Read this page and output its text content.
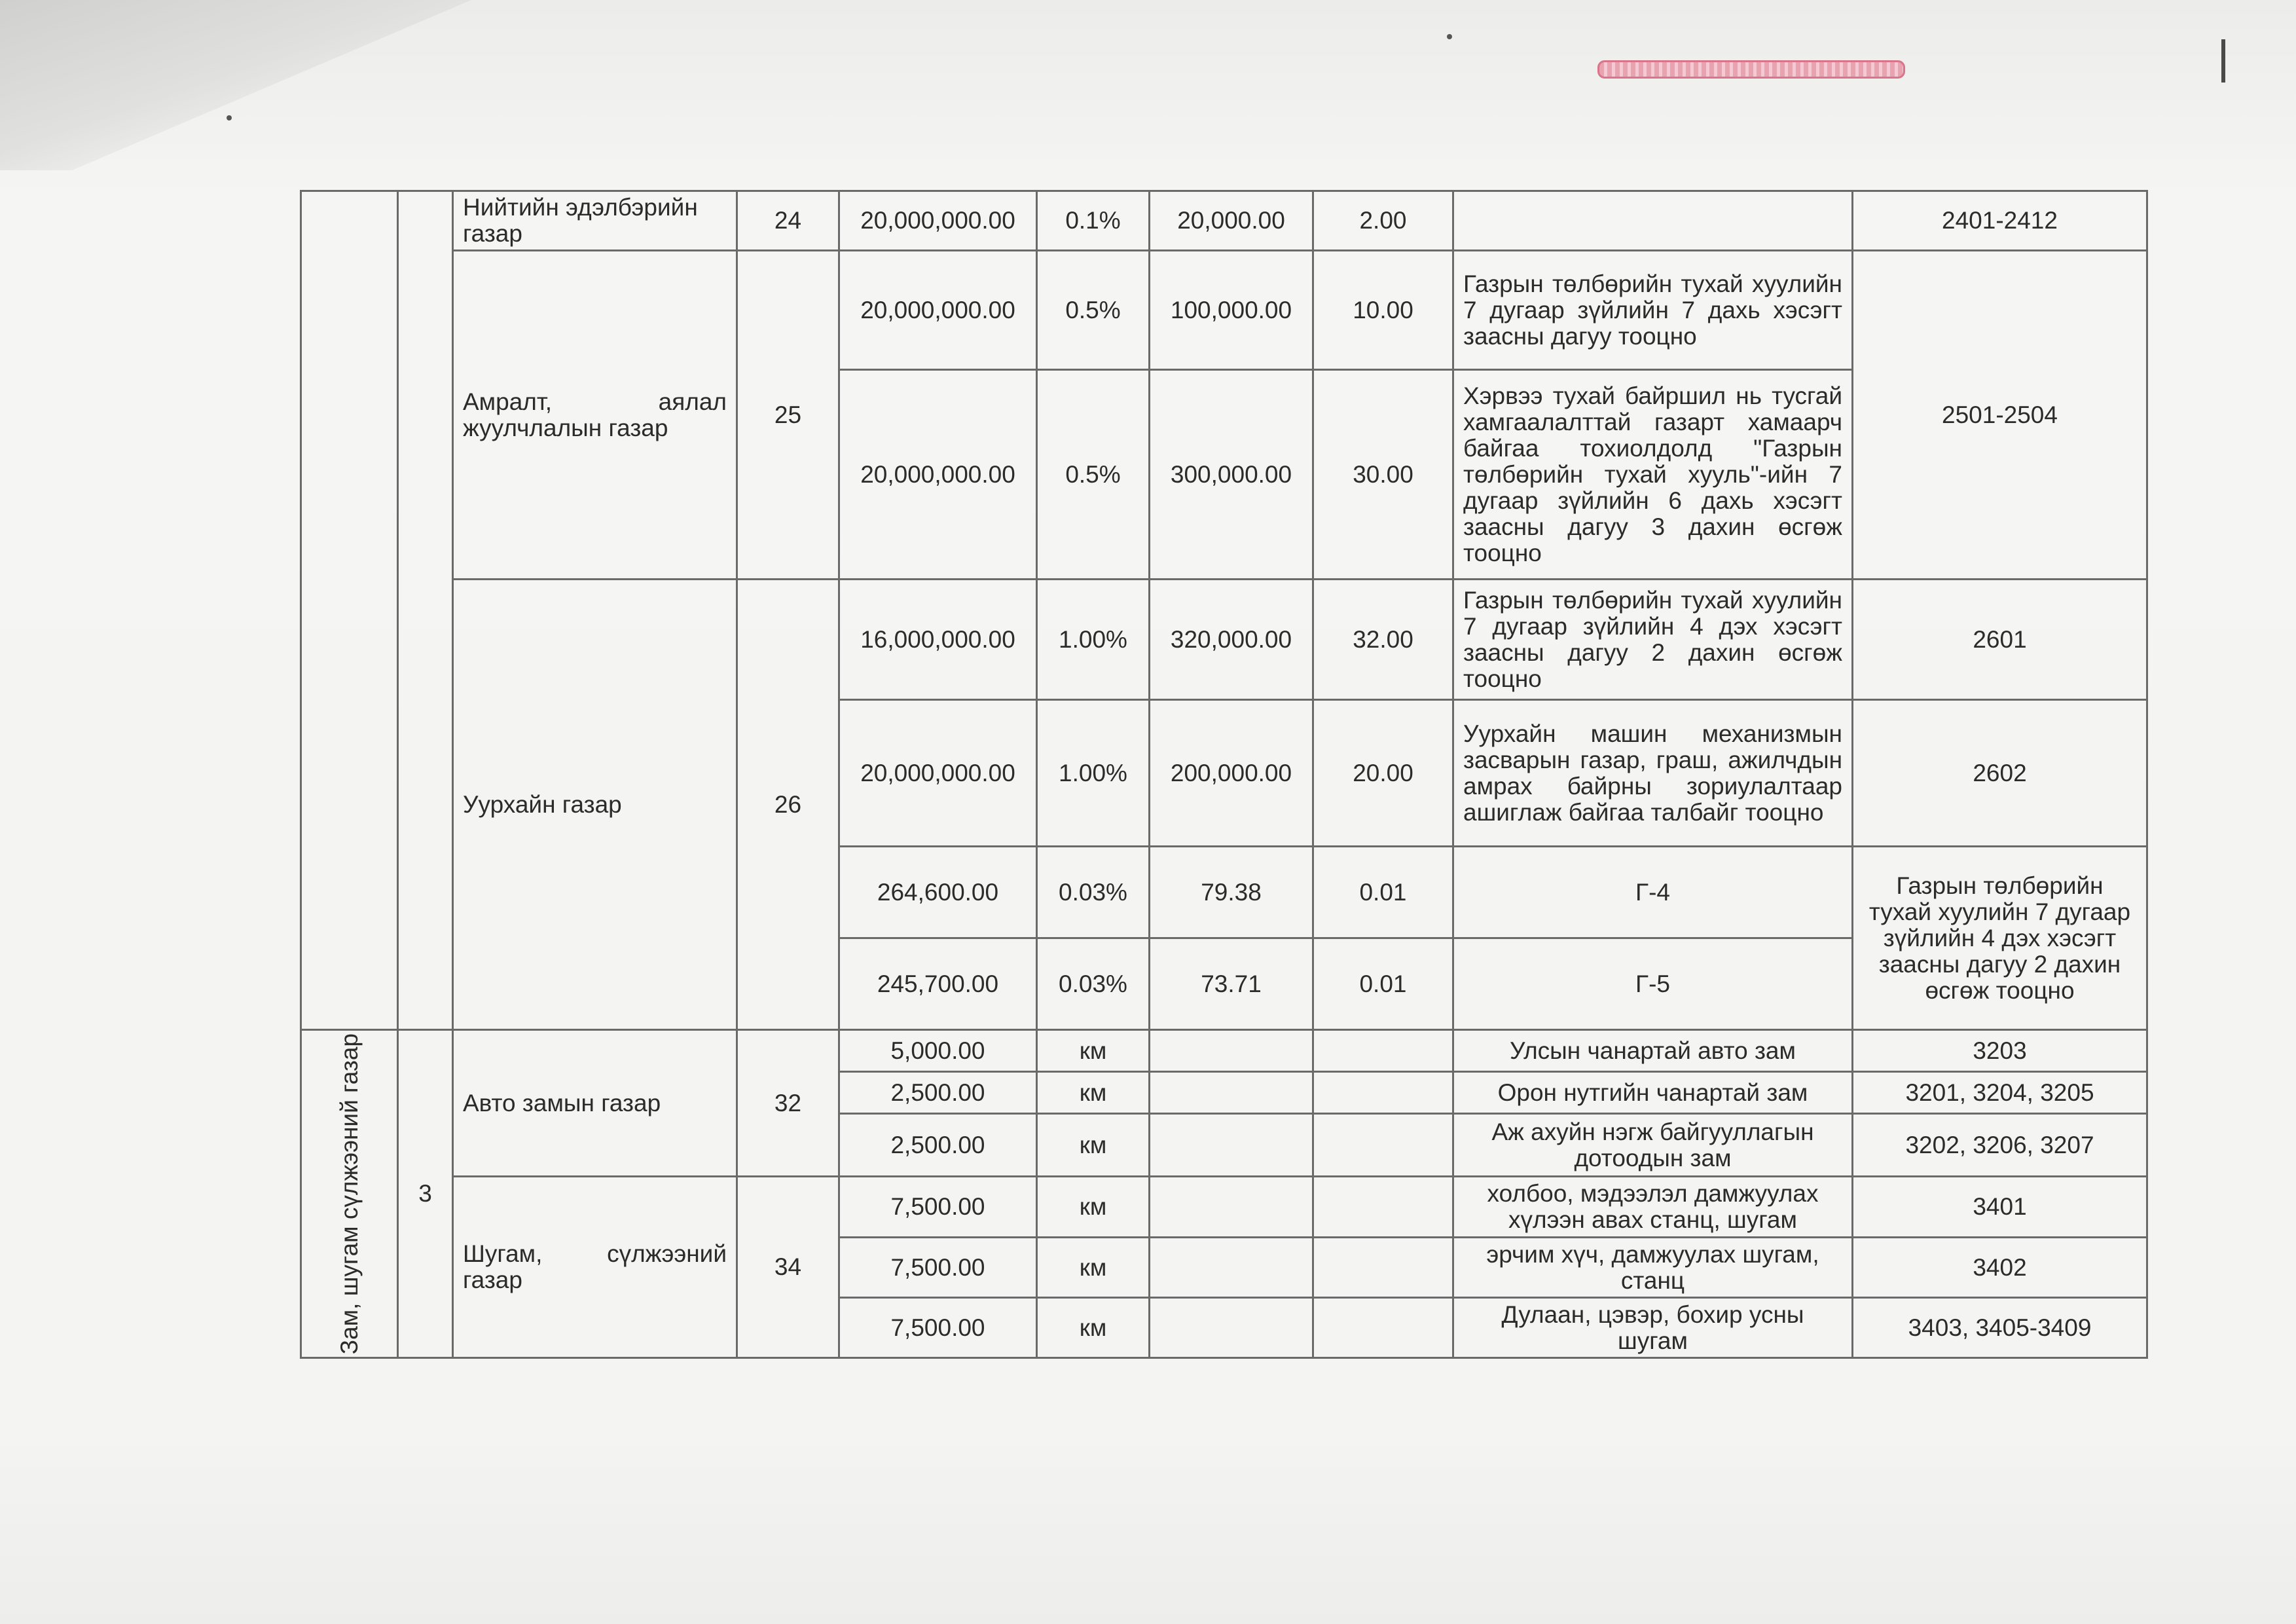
		Нийтийн эдэлбэрийн газар	24	20,000,000.00	0.1%	20,000.00	2.00		2401-2412
		Амралт, аялал жуулчлалын газар	25	20,000,000.00	0.5%	100,000.00	10.00	Газрын төлбөрийн тухай хуулийн 7 дугаар зүйлийн 7 дахь хэсэгт заасны дагуу тооцно	2501-2504
				20,000,000.00	0.5%	300,000.00	30.00	Хэрвээ тухай байршил нь тусгай хамгаалалттай газарт хамаарч байгаа тохиолдолд "Газрын төлбөрийн тухай хууль"-ийн 7 дугаар зүйлийн 6 дахь хэсэгт заасны дагуу 3 дахин өсгөж тооцно	
		Уурхайн газар	26	16,000,000.00	1.00%	320,000.00	32.00	Газрын төлбөрийн тухай хуулийн 7 дугаар зүйлийн 4 дэх хэсэгт заасны дагуу 2 дахин өсгөж тооцно	2601
				20,000,000.00	1.00%	200,000.00	20.00	Уурхайн машин механизмын засварын газар, граш, ажилчдын амрах байрны зориулалтаар ашиглаж байгаа талбайг тооцно	2602
				264,600.00	0.03%	79.38	0.01	Г-4	Газрын төлбөрийн тухай хуулийн 7 дугаар зүйлийн 4 дэх хэсэгт заасны дагуу 2 дахин өсгөж тооцно
				245,700.00	0.03%	73.71	0.01	Г-5	

Зам, шугам сүлжээний газар	3	Авто замын газар	32	5,000.00	км			Улсын чанартай авто зам	3203
				2,500.00	км			Орон нутгийн чанартай зам	3201, 3204, 3205
				2,500.00	км			Аж ахуйн нэгж байгууллагын дотоодын зам	3202, 3206, 3207
		Шугам, сүлжээний газар	34	7,500.00	км			холбоо, мэдээлэл дамжуулах хүлээн авах станц, шугам	3401
				7,500.00	км			эрчим хүч, дамжуулах шугам, станц	3402
				7,500.00	км			Дулаан, цэвэр, бохир усны шугам	3403, 3405-3409
